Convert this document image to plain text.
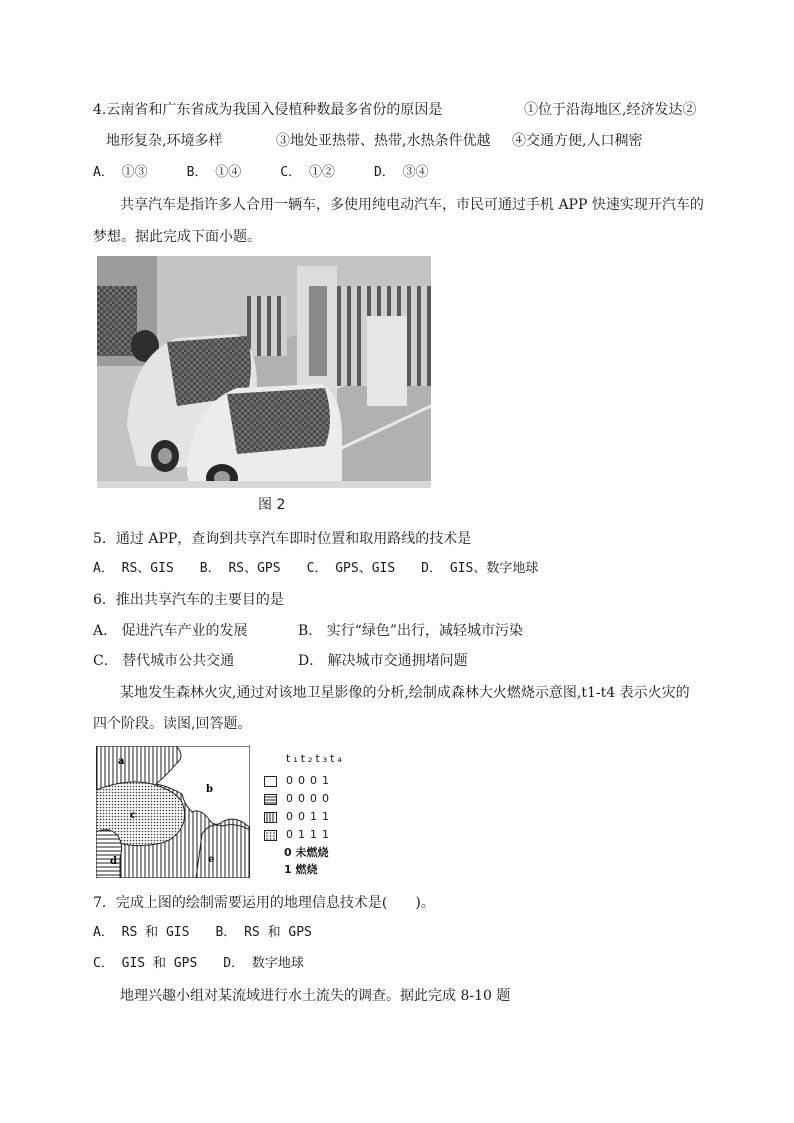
4.云南省和广东省成为我国入侵植种数最多省份的原因是	①位于沿海地区,经济发达②
地形复杂,环境多样	③地处亚热带、热带,水热条件优越 ④交通方便,人口稠密
A． ①③　　　B． ①④　　　C． ①②　　　D． ③④
共享汽车是指许多人合用一辆车，多使用纯电动汽车，市民可通过手机 APP 快速实现开汽车的
梦想。据此完成下面小题。
图 2
5．通过 APP，查询到共享汽车即时位置和取用路线的技术是
A． RS、GIS　　B． RS、GPS　　C． GPS、GIS　　D． GIS、数字地球
6．推出共享汽车的主要目的是
A． 促进汽车产业的发展	B． 实行“绿色”出行，减轻城市污染
C． 替代城市公共交通	D． 解决城市交通拥堵问题
某地发生森林火灾,通过对该地卫星影像的分析,绘制成森林大火燃烧示意图,t1-t4 表示火灾的
四个阶段。读图,回答题。
a
b
c
d	e
t₁t₂t₃t₄
0001
0000
0011
0111
0 未燃烧
1 燃烧
7．完成上图的绘制需要运用的地理信息技术是(　　)。
A． RS 和 GIS　　B． RS 和 GPS
C． GIS 和 GPS　　D． 数字地球
地理兴趣小组对某流域进行水土流失的调查。据此完成 8-10 题
